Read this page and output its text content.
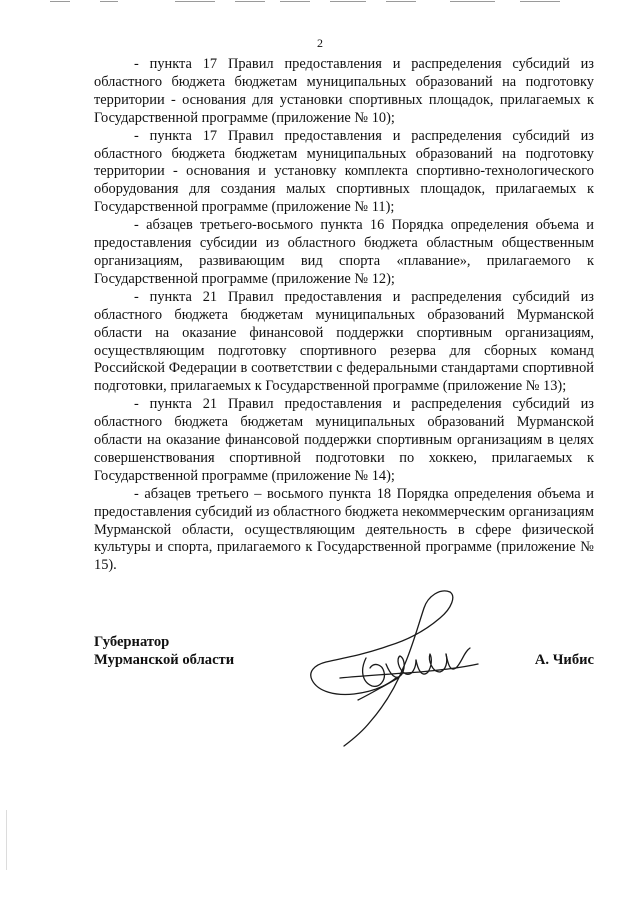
2

- пункта 17 Правил предоставления и распределения субсидий из областного бюджета бюджетам муниципальных образований на подготовку территории - основания для установки спортивных площадок, прилагаемых к Государственной программе (приложение № 10);

- пункта 17 Правил предоставления и распределения субсидий из областного бюджета бюджетам муниципальных образований на подготовку территории - основания и установку комплекта спортивно-технологического оборудования для создания малых спортивных площадок, прилагаемых к Государственной программе (приложение № 11);

- абзацев третьего-восьмого пункта 16 Порядка определения объема и предоставления субсидии из областного бюджета областным общественным организациям, развивающим вид спорта «плавание», прилагаемого к Государственной программе (приложение № 12);

- пункта 21 Правил предоставления и распределения субсидий из областного бюджета бюджетам муниципальных образований Мурманской области на оказание финансовой поддержки спортивным организациям, осуществляющим подготовку спортивного резерва для сборных команд Российской Федерации в соответствии с федеральными стандартами спортивной подготовки, прилагаемых к Государственной программе (приложение № 13);

- пункта 21 Правил предоставления и распределения субсидий из областного бюджета бюджетам муниципальных образований Мурманской области на оказание финансовой поддержки спортивным организациям в целях совершенствования спортивной подготовки по хоккею, прилагаемых к Государственной программе (приложение № 14);

- абзацев третьего – восьмого пункта 18 Порядка определения объема и предоставления субсидий из областного бюджета некоммерческим организациям Мурманской области, осуществляющим деятельность в сфере физической культуры и спорта, прилагаемого к Государственной программе (приложение № 15).

Губернатор
Мурманской области	А. Чибис
